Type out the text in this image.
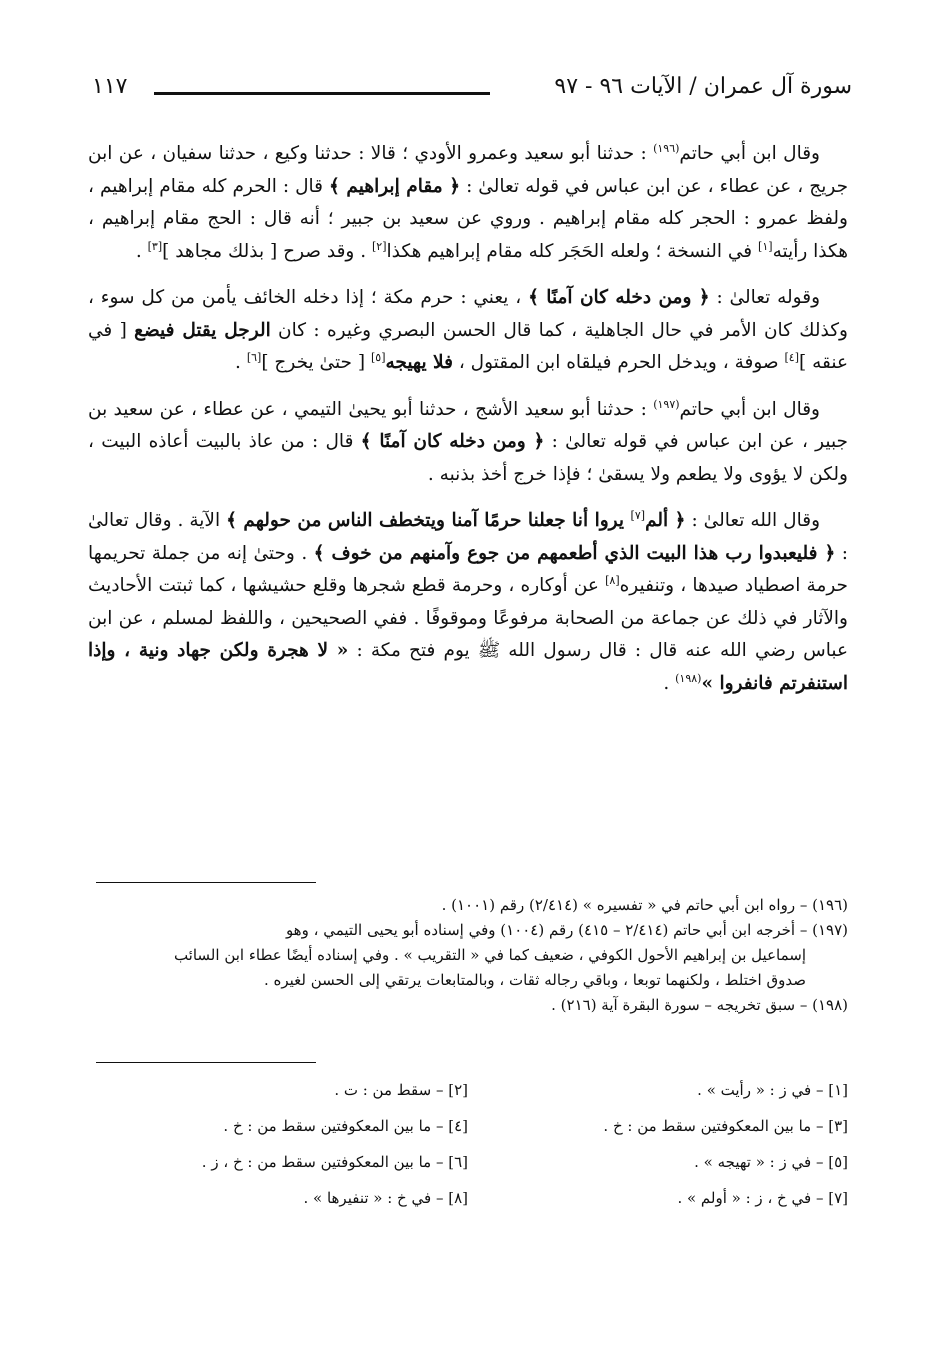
سورة آل عمران / الآيات ٩٦ - ٩٧
١١٧

وقال ابن أبي حاتم$^{(١٩٦)}$ : حدثنا أبو سعيد وعمرو الأودي ؛ قالا : حدثنا وكيع ، حدثنا سفيان ، عن ابن جريج ، عن عطاء ، عن ابن عباس في قوله تعالىٰ : ﴿ مقام إبراهيم ﴾ قال : الحرم كله مقام إبراهيم ، ولفظ عمرو : الحجر كله مقام إبراهيم . وروي عن سعيد بن جبير ؛ أنه قال : الحج مقام إبراهيم ، هكذا رأيته[١] في النسخة ؛ ولعله الحَجَر كله مقام إبراهيم هكذا[٢] . وقد صرح [ بذلك مجاهد ][٣] .

وقوله تعالىٰ : ﴿ ومن دخله كان آمنًا ﴾ ، يعني : حرم مكة ؛ إذا دخله الخائف يأمن من كل سوء ، وكذلك كان الأمر في حال الجاهلية ، كما قال الحسن البصري وغيره : كان الرجل يقتل فيضع [ في عنقه ][٤] صوفة ، ويدخل الحرم فيلقاه ابن المقتول ، فلا يهيجه[٥] [ حتىٰ يخرج ][٦] .

وقال ابن أبي حاتم$^{(١٩٧)}$ : حدثنا أبو سعيد الأشج ، حدثنا أبو يحيىٰ التيمي ، عن عطاء ، عن سعيد بن جبير ، عن ابن عباس في قوله تعالىٰ : ﴿ ومن دخله كان آمنًا ﴾ قال : من عاذ بالبيت أعاذه البيت ، ولكن لا يؤوى ولا يطعم ولا يسقىٰ ؛ فإذا خرج أخذ بذنبه .

وقال الله تعالىٰ : ﴿ ألم[٧] يروا أنا جعلنا حرمًا آمنا ويتخطف الناس من حولهم ﴾ الآية . وقال تعالىٰ : ﴿ فليعبدوا رب هذا البيت الذي أطعمهم من جوع وآمنهم من خوف ﴾ . وحتىٰ إنه من جملة تحريمها حرمة اصطياد صيدها ، وتنفيره[٨] عن أوكاره ، وحرمة قطع شجرها وقلع حشيشها ، كما ثبتت الأحاديث والآثار في ذلك عن جماعة من الصحابة مرفوعًا وموقوفًا . ففي الصحيحين ، واللفظ لمسلم ، عن ابن عباس رضي الله عنه قال : قال رسول الله ﷺ يوم فتح مكة : « لا هجرة ولكن جهاد ونية ، وإذا استنفرتم فانفروا »$^{(١٩٨)}$ .

(١٩٦) – رواه ابن أبي حاتم في « تفسيره » (٢/٤١٤) رقم (١٠٠١) .

(١٩٧) – أخرجه ابن أبي حاتم (٢/٤١٤ – ٤١٥) رقم (١٠٠٤) وفي إسناده أبو يحيى التيمي ، وهو

إسماعيل بن إبراهيم الأحول الكوفي ، ضعيف كما في « التقريب » . وفي إسناده أيضًا عطاء ابن السائب

صدوق اختلط ، ولكنهما توبعا ، وباقي رجاله ثقات ، وبالمتابعات يرتقي إلى الحسن لغيره .

(١٩٨) – سبق تخريجه – سورة البقرة آية (٢١٦) .

[١] – في ز : « رأيت » .
[٢] – سقط من : ت .
[٣] – ما بين المعكوفتين سقط من : خ .
[٤] – ما بين المعكوفتين سقط من : خ .
[٥] – في ز : « تهيجه » .
[٦] – ما بين المعكوفتين سقط من : خ ، ز .
[٧] – في خ ، ز : « أولم » .
[٨] – في خ : « تنفيرها » .
